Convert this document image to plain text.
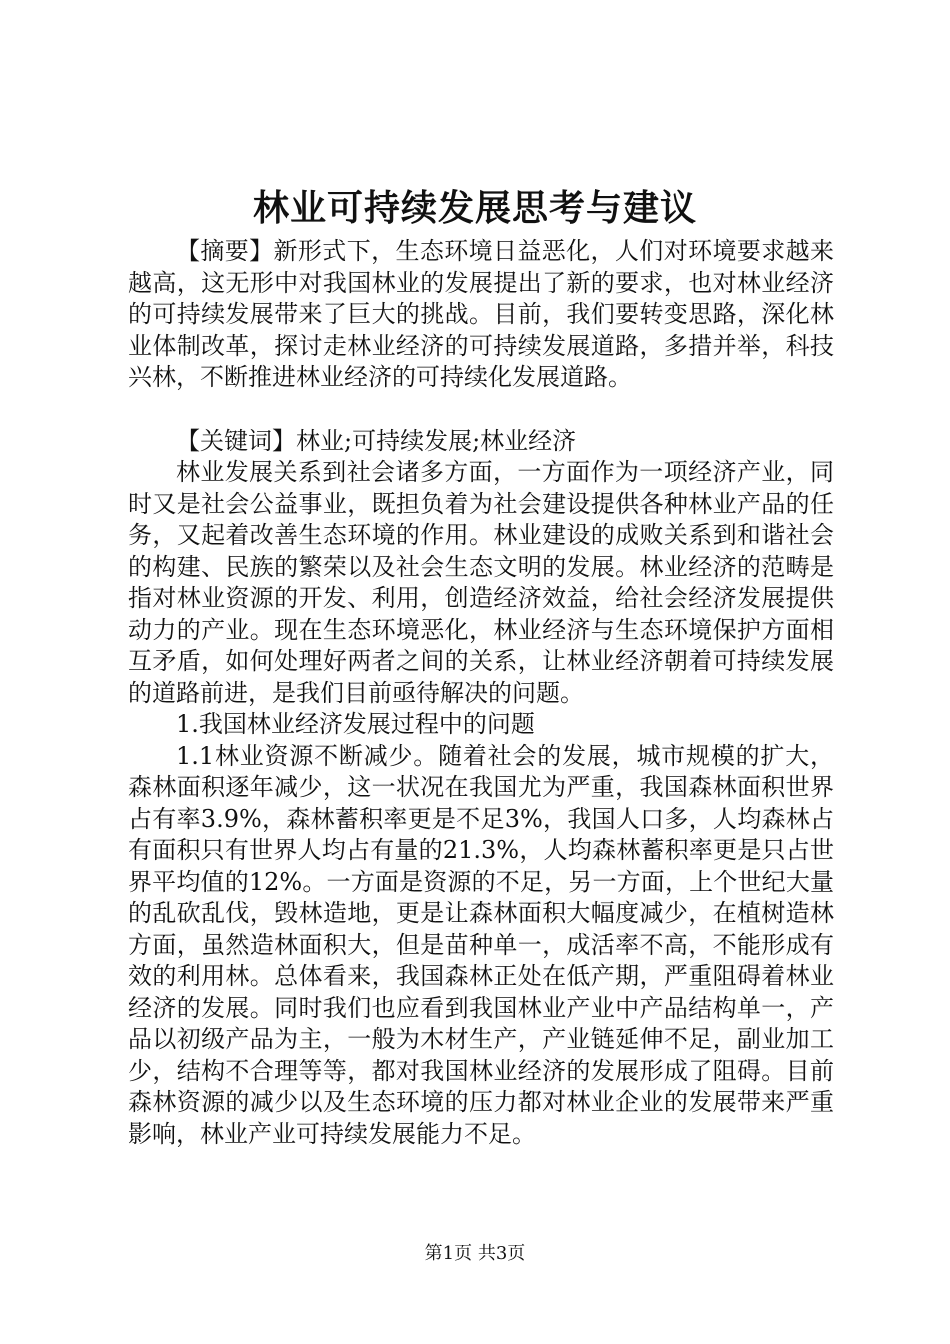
林业可持续发展思考与建议

【摘要】新形式下，生态环境日益恶化，人们对环境要求越来越高，这无形中对我国林业的发展提出了新的要求，也对林业经济的可持续发展带来了巨大的挑战。目前，我们要转变思路，深化林业体制改革，探讨走林业经济的可持续发展道路，多措并举，科技兴林，不断推进林业经济的可持续化发展道路。

【关键词】林业;可持续发展;林业经济

林业发展关系到社会诸多方面，一方面作为一项经济产业，同时又是社会公益事业，既担负着为社会建设提供各种林业产品的任务，又起着改善生态环境的作用。林业建设的成败关系到和谐社会的构建、民族的繁荣以及社会生态文明的发展。林业经济的范畴是指对林业资源的开发、利用，创造经济效益，给社会经济发展提供动力的产业。现在生态环境恶化，林业经济与生态环境保护方面相互矛盾，如何处理好两者之间的关系，让林业经济朝着可持续发展的道路前进，是我们目前亟待解决的问题。

1.我国林业经济发展过程中的问题

1.1林业资源不断减少。随着社会的发展，城市规模的扩大，森林面积逐年减少，这一状况在我国尤为严重，我国森林面积世界占有率3.9%，森林蓄积率更是不足3%，我国人口多，人均森林占有面积只有世界人均占有量的21.3%，人均森林蓄积率更是只占世界平均值的12%。一方面是资源的不足，另一方面，上个世纪大量的乱砍乱伐，毁林造地，更是让森林面积大幅度减少，在植树造林方面，虽然造林面积大，但是苗种单一，成活率不高，不能形成有效的利用林。总体看来，我国森林正处在低产期，严重阻碍着林业经济的发展。同时我们也应看到我国林业产业中产品结构单一，产品以初级产品为主，一般为木材生产，产业链延伸不足，副业加工少，结构不合理等等，都对我国林业经济的发展形成了阻碍。目前森林资源的减少以及生态环境的压力都对林业企业的发展带来严重影响，林业产业可持续发展能力不足。

第1页 共3页
